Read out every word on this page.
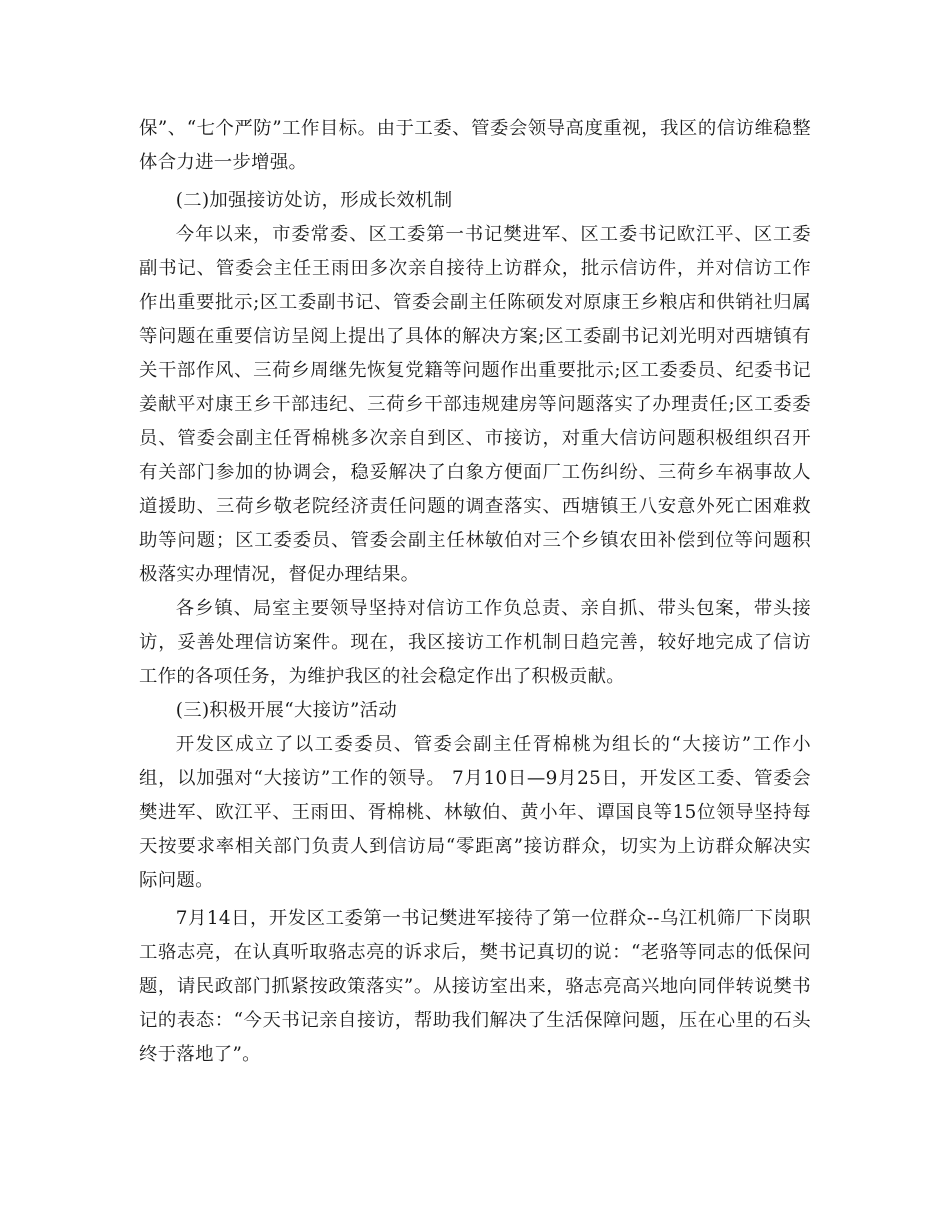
保”、“七个严防”工作目标。由于工委、管委会领导高度重视，我区的信访维稳整体合力进一步增强。

(二)加强接访处访，形成长效机制

今年以来，市委常委、区工委第一书记樊进军、区工委书记欧江平、区工委副书记、管委会主任王雨田多次亲自接待上访群众，批示信访件，并对信访工作作出重要批示;区工委副书记、管委会副主任陈硕发对原康王乡粮店和供销社归属等问题在重要信访呈阅上提出了具体的解决方案;区工委副书记刘光明对西塘镇有关干部作风、三荷乡周继先恢复党籍等问题作出重要批示;区工委委员、纪委书记姜献平对康王乡干部违纪、三荷乡干部违规建房等问题落实了办理责任;区工委委员、管委会副主任胥棉桃多次亲自到区、市接访，对重大信访问题积极组织召开有关部门参加的协调会，稳妥解决了白象方便面厂工伤纠纷、三荷乡车祸事故人道援助、三荷乡敬老院经济责任问题的调查落实、西塘镇王八安意外死亡困难救助等问题；区工委委员、管委会副主任林敏伯对三个乡镇农田补偿到位等问题积极落实办理情况，督促办理结果。

各乡镇、局室主要领导坚持对信访工作负总责、亲自抓、带头包案，带头接访，妥善处理信访案件。现在，我区接访工作机制日趋完善，较好地完成了信访工作的各项任务，为维护我区的社会稳定作出了积极贡献。

(三)积极开展“大接访”活动

开发区成立了以工委委员、管委会副主任胥棉桃为组长的“大接访”工作小组，以加强对“大接访”工作的领导。 7月10日—9月25日，开发区工委、管委会樊进军、欧江平、王雨田、胥棉桃、林敏伯、黄小年、谭国良等15位领导坚持每天按要求率相关部门负责人到信访局“零距离”接访群众，切实为上访群众解决实际问题。

7月14日，开发区工委第一书记樊进军接待了第一位群众--乌江机筛厂下岗职工骆志亮，在认真听取骆志亮的诉求后，樊书记真切的说：“老骆等同志的低保问题，请民政部门抓紧按政策落实”。从接访室出来，骆志亮高兴地向同伴转说樊书记的表态：“今天书记亲自接访，帮助我们解决了生活保障问题，压在心里的石头终于落地了”。
